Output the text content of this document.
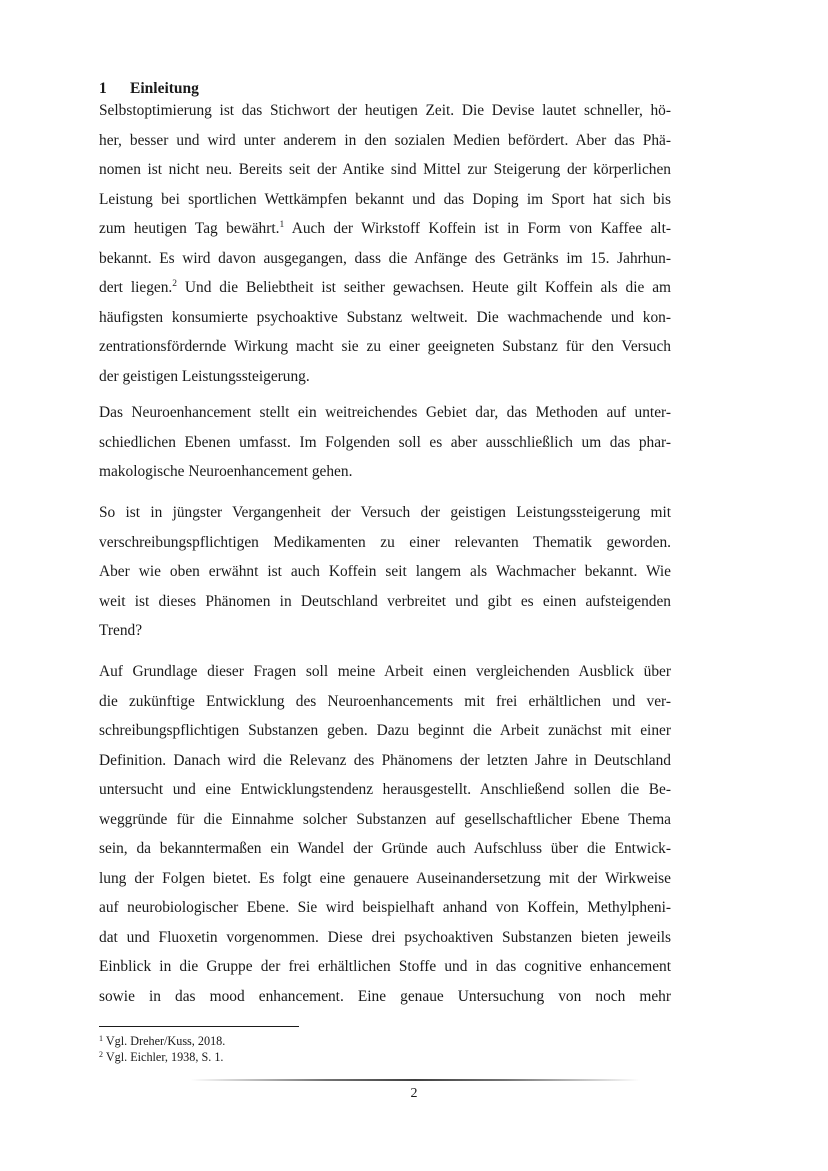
1 Einleitung
Selbstoptimierung ist das Stichwort der heutigen Zeit. Die Devise lautet schneller, hö-
her, besser und wird unter anderem in den sozialen Medien befördert. Aber das Phä-
nomen ist nicht neu. Bereits seit der Antike sind Mittel zur Steigerung der körperlichen
Leistung bei sportlichen Wettkämpfen bekannt und das Doping im Sport hat sich bis
zum heutigen Tag bewährt.$^1$ Auch der Wirkstoff Koffein ist in Form von Kaffee alt-
bekannt. Es wird davon ausgegangen, dass die Anfänge des Getränks im 15. Jahrhun-
dert liegen.$^2$ Und die Beliebtheit ist seither gewachsen. Heute gilt Koffein als die am
häufigsten konsumierte psychoaktive Substanz weltweit. Die wachmachende und kon-
zentrationsfördernde Wirkung macht sie zu einer geeigneten Substanz für den Versuch
der geistigen Leistungssteigerung.
Das Neuroenhancement stellt ein weitreichendes Gebiet dar, das Methoden auf unter-
schiedlichen Ebenen umfasst. Im Folgenden soll es aber ausschließlich um das phar-
makologische Neuroenhancement gehen.
So ist in jüngster Vergangenheit der Versuch der geistigen Leistungssteigerung mit
verschreibungspflichtigen Medikamenten zu einer relevanten Thematik geworden.
Aber wie oben erwähnt ist auch Koffein seit langem als Wachmacher bekannt. Wie
weit ist dieses Phänomen in Deutschland verbreitet und gibt es einen aufsteigenden
Trend?
Auf Grundlage dieser Fragen soll meine Arbeit einen vergleichenden Ausblick über
die zukünftige Entwicklung des Neuroenhancements mit frei erhältlichen und ver-
schreibungspflichtigen Substanzen geben. Dazu beginnt die Arbeit zunächst mit einer
Definition. Danach wird die Relevanz des Phänomens der letzten Jahre in Deutschland
untersucht und eine Entwicklungstendenz herausgestellt. Anschließend sollen die Be-
weggründe für die Einnahme solcher Substanzen auf gesellschaftlicher Ebene Thema
sein, da bekanntermaßen ein Wandel der Gründe auch Aufschluss über die Entwick-
lung der Folgen bietet. Es folgt eine genauere Auseinandersetzung mit der Wirkweise
auf neurobiologischer Ebene. Sie wird beispielhaft anhand von Koffein, Methylpheni-
dat und Fluoxetin vorgenommen. Diese drei psychoaktiven Substanzen bieten jeweils
Einblick in die Gruppe der frei erhältlichen Stoffe und in das cognitive enhancement
sowie in das mood enhancement. Eine genaue Untersuchung von noch mehr
$^1$ Vgl. Dreher/Kuss, 2018.
$^2$ Vgl. Eichler, 1938, S. 1.
2
